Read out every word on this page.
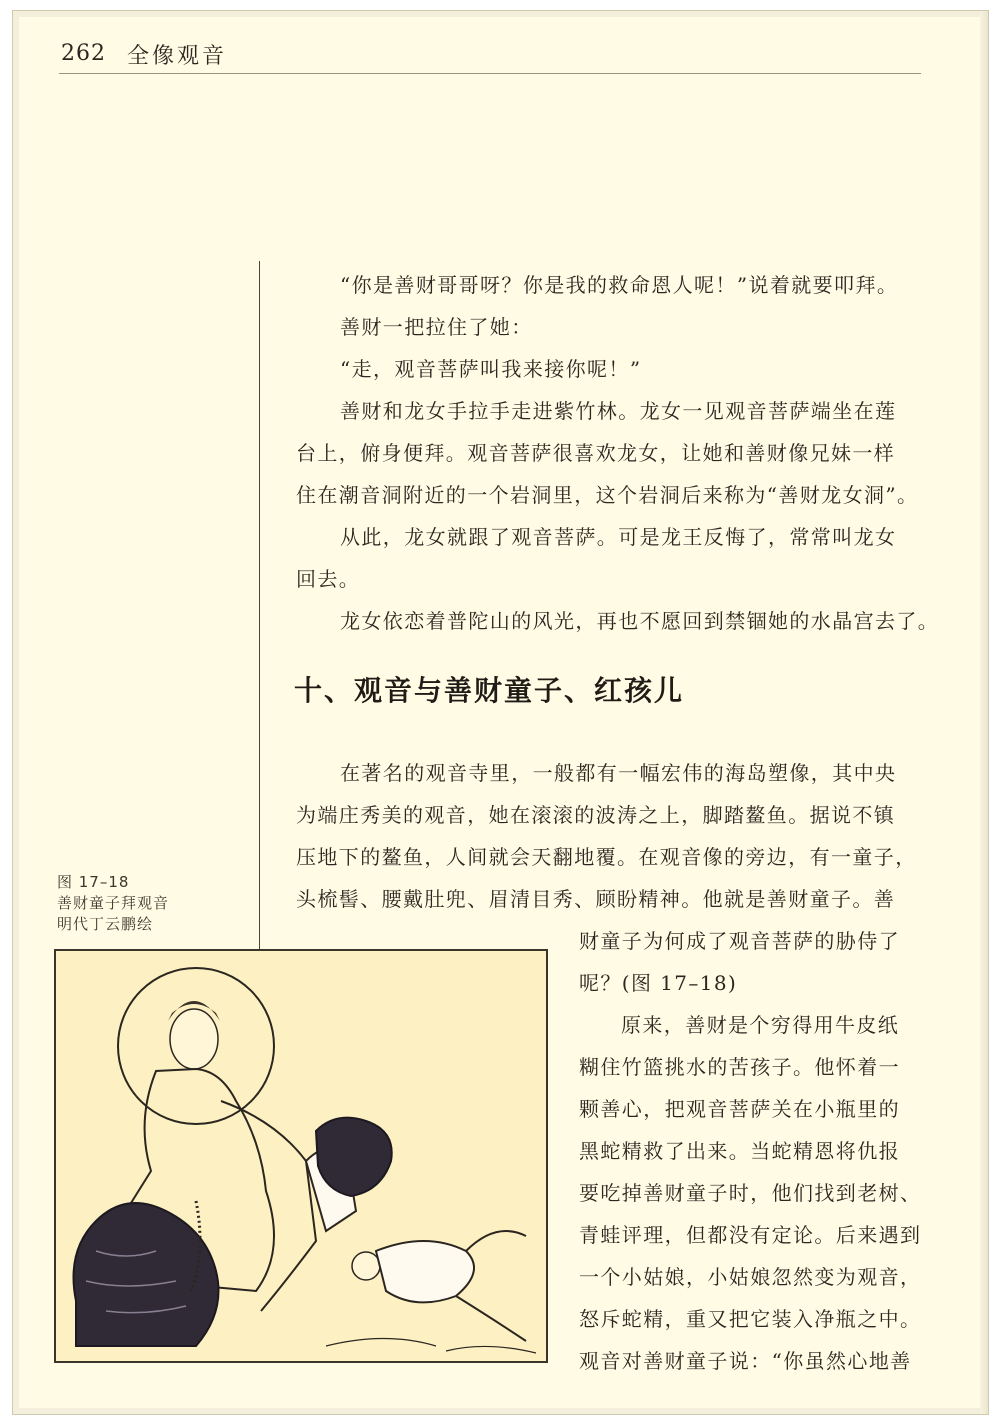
262 全像观音
“你是善财哥哥呀？你是我的救命恩人呢！”说着就要叩拜。
善财一把拉住了她：
“走，观音菩萨叫我来接你呢！”
善财和龙女手拉手走进紫竹林。龙女一见观音菩萨端坐在莲
台上，俯身便拜。观音菩萨很喜欢龙女，让她和善财像兄妹一样
住在潮音洞附近的一个岩洞里，这个岩洞后来称为“善财龙女洞”。
从此，龙女就跟了观音菩萨。可是龙王反悔了，常常叫龙女
回去。
龙女依恋着普陀山的风光，再也不愿回到禁锢她的水晶宫去了。
十、观音与善财童子、红孩儿
在著名的观音寺里，一般都有一幅宏伟的海岛塑像，其中央
为端庄秀美的观音，她在滚滚的波涛之上，脚踏鳌鱼。据说不镇
压地下的鳌鱼，人间就会天翻地覆。在观音像的旁边，有一童子，
头梳髻、腰戴肚兜、眉清目秀、顾盼精神。他就是善财童子。善
图 17–18
善财童子拜观音
明代丁云鹏绘
财童子为何成了观音菩萨的胁侍了
呢？(图 17–18)
原来，善财是个穷得用牛皮纸
糊住竹篮挑水的苦孩子。他怀着一
颗善心，把观音菩萨关在小瓶里的
黑蛇精救了出来。当蛇精恩将仇报
要吃掉善财童子时，他们找到老树、
青蛙评理，但都没有定论。后来遇到
一个小姑娘，小姑娘忽然变为观音，
怒斥蛇精，重又把它装入净瓶之中。
观音对善财童子说：“你虽然心地善
